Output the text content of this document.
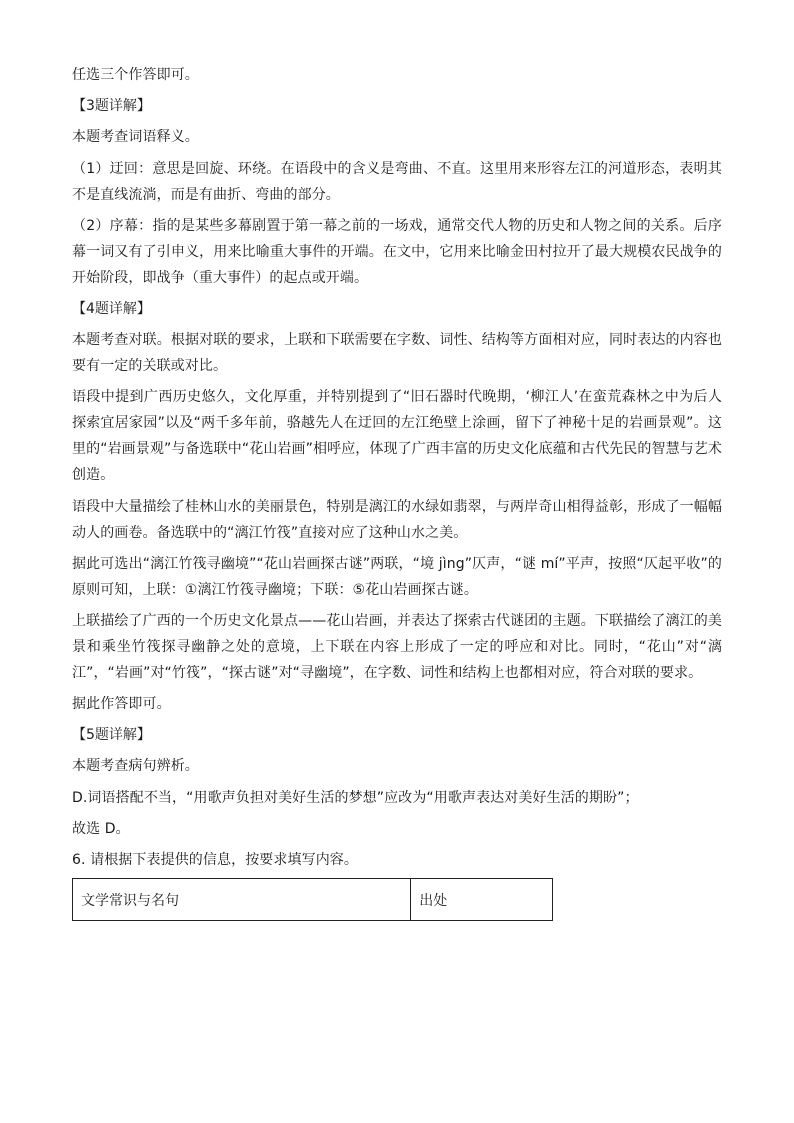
任选三个作答即可。

【3题详解】

本题考查词语释义。

（1）迂回：意思是回旋、环绕。在语段中的含义是弯曲、不直。这里用来形容左江的河道形态，表明其不是直线流淌，而是有曲折、弯曲的部分。

（2）序幕：指的是某些多幕剧置于第一幕之前的一场戏，通常交代人物的历史和人物之间的关系。后序幕一词又有了引申义，用来比喻重大事件的开端。在文中，它用来比喻金田村拉开了最大规模农民战争的开始阶段，即战争（重大事件）的起点或开端。

【4题详解】

本题考查对联。根据对联的要求，上联和下联需要在字数、词性、结构等方面相对应，同时表达的内容也要有一定的关联或对比。

语段中提到广西历史悠久，文化厚重，并特别提到了“旧石器时代晚期，‘柳江人’在蛮荒森林之中为后人探索宜居家园”以及“两千多年前，骆越先人在迂回的左江绝壁上涂画，留下了神秘十足的岩画景观”。这里的“岩画景观”与备选联中“花山岩画”相呼应，体现了广西丰富的历史文化底蕴和古代先民的智慧与艺术创造。

语段中大量描绘了桂林山水的美丽景色，特别是漓江的水绿如翡翠，与两岸奇山相得益彰，形成了一幅幅动人的画卷。备选联中的“漓江竹筏”直接对应了这种山水之美。

据此可选出“漓江竹筏寻幽境”“花山岩画探古谜”两联，“境 jìng”仄声，“谜 mí”平声，按照“仄起平收”的原则可知，上联：①漓江竹筏寻幽境；下联：⑤花山岩画探古谜。

上联描绘了广西的一个历史文化景点——花山岩画，并表达了探索古代谜团的主题。下联描绘了漓江的美景和乘坐竹筏探寻幽静之处的意境，上下联在内容上形成了一定的呼应和对比。同时，“花山”对“漓江”，“岩画”对“竹筏”，“探古谜”对“寻幽境”，在字数、词性和结构上也都相对应，符合对联的要求。

据此作答即可。

【5题详解】

本题考查病句辨析。

D.词语搭配不当，“用歌声负担对美好生活的梦想”应改为“用歌声表达对美好生活的期盼”；

故选 D。

6. 请根据下表提供的信息，按要求填写内容。

文学常识与名句	出处
